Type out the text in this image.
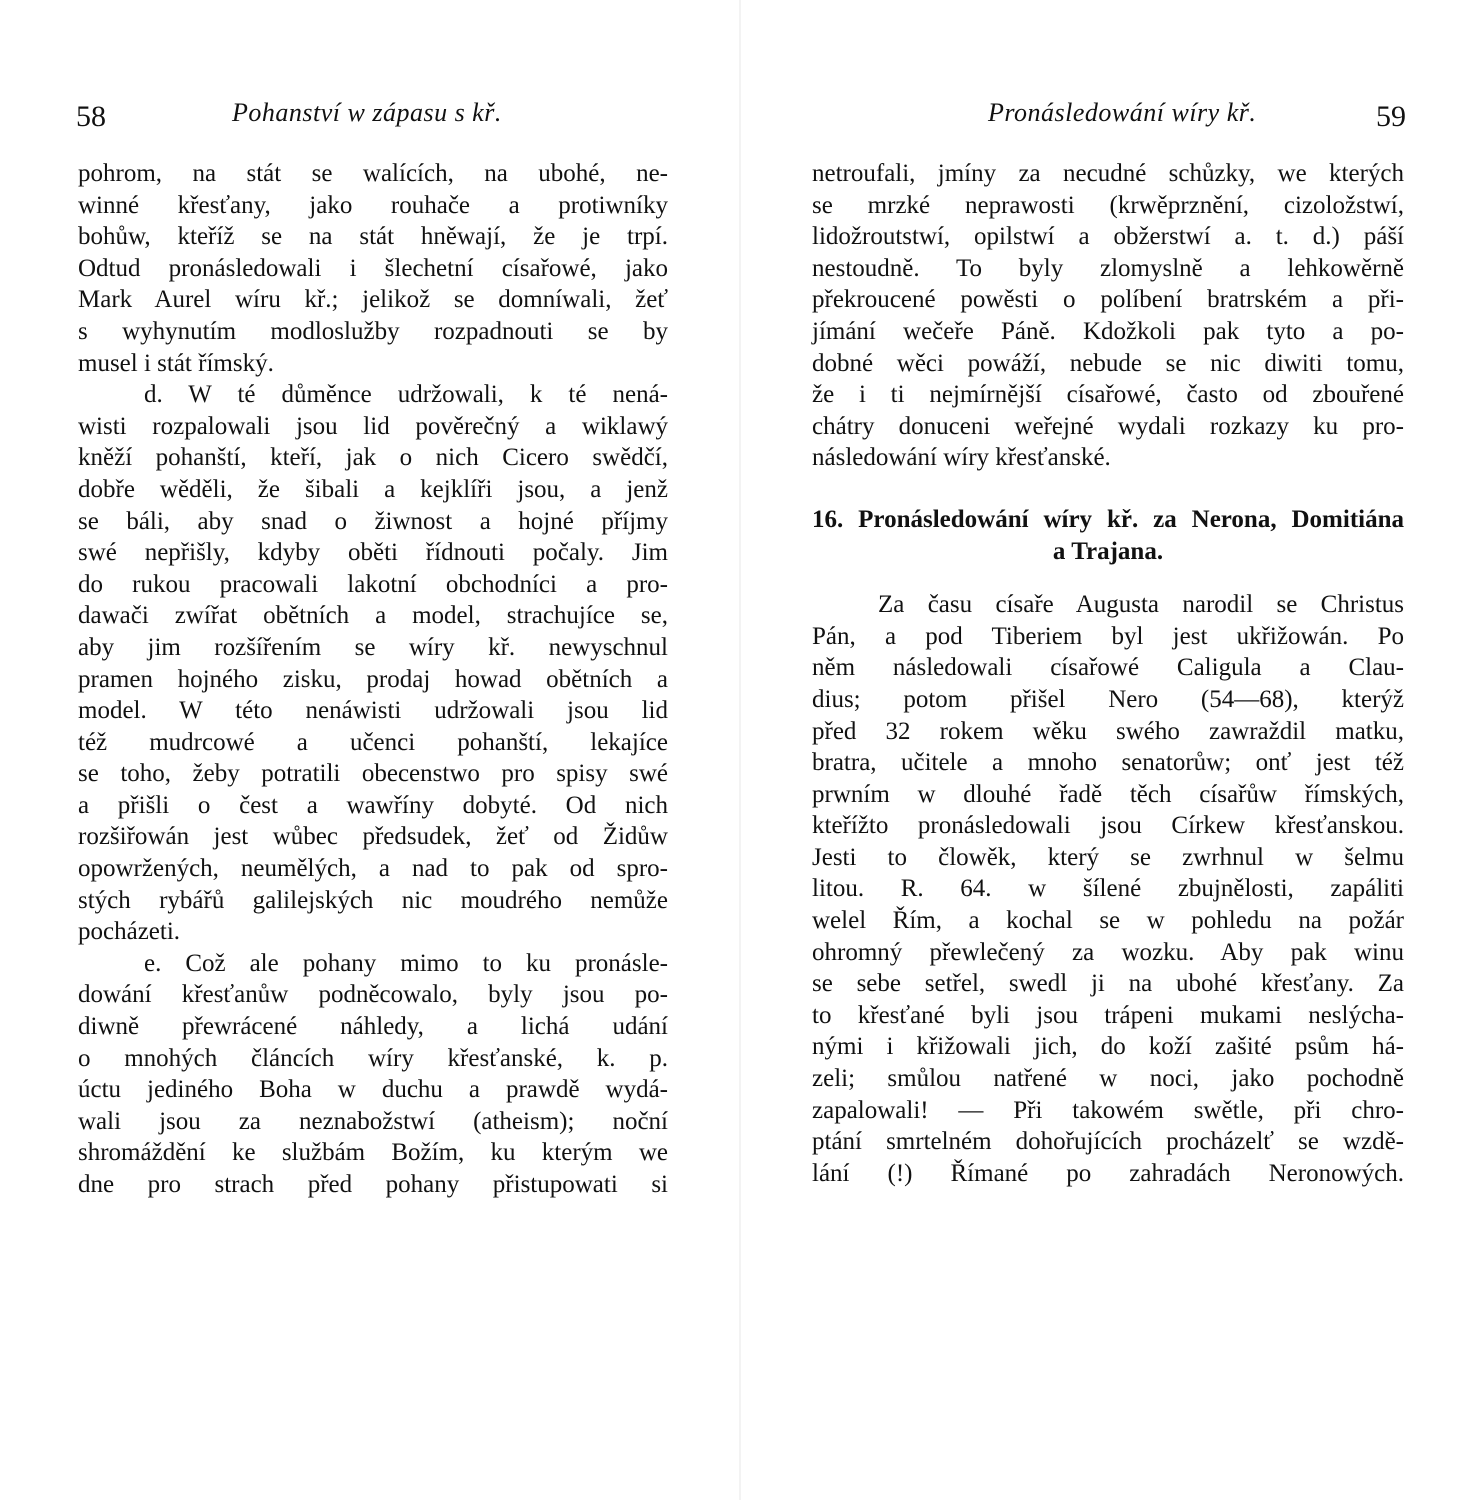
58	Pohanství w zápasu s kř.
pohrom, na stát se walících, na ubohé, ne-
winné křesťany, jako rouhače a protiwníky
bohůw, kteříž se na stát hněwají, že je trpí.
Odtud pronásledowali i šlechetní císařowé, jako
Mark Aurel wíru kř.; jelikož se domníwali, žeť
s wyhynutím modloslužby rozpadnouti se by
musel i stát římský.
d. W té důměnce udržowali, k té nená-
wisti rozpalowali jsou lid pověrečný a wiklawý
kněží pohanští, kteří, jak o nich Cicero swědčí,
dobře wěděli, že šibali a kejklíři jsou, a jenž
se báli, aby snad o žiwnost a hojné příjmy
swé nepřišly, kdyby oběti řídnouti počaly. Jim
do rukou pracowali lakotní obchodníci a pro-
dawači zwířat obětních a model, strachujíce se,
aby jim rozšířením se wíry kř. newyschnul
pramen hojného zisku, prodaj howad obětních a
model. W této nenáwisti udržowali jsou lid
též mudrcowé a učenci pohanští, lekajíce
se toho, žeby potratili obecenstwo pro spisy swé
a přišli o čest a wawříny dobyté. Od nich
rozšiřowán jest wůbec předsudek, žeť od Židůw
opowržených, neumělých, a nad to pak od spro-
stých rybářů galilejských nic moudrého nemůže
pocházeti.
e. Což ale pohany mimo to ku pronásle-
dowání křesťanůw podněcowalo, byly jsou po-
diwně přewrácené náhledy, a lichá udání
o mnohých článcích wíry křesťanské, k. p.
úctu jediného Boha w duchu a prawdě wydá-
wali jsou za neznabožstwí (atheism); noční
shromáždění ke službám Božím, ku kterým we
dne pro strach před pohany přistupowati si
Pronásledowání wíry kř.	59
netroufali, jmíny za necudné schůzky, we kterých
se mrzké neprawosti (krwěprznění, cizoložstwí,
lidožroutstwí, opilstwí a obžerstwí a. t. d.) páší
nestoudně. To byly zlomyslně a lehkowěrně
překroucené powěsti o políbení bratrském a při-
jímání wečeře Páně. Kdožkoli pak tyto a po-
dobné wěci powáží, nebude se nic diwiti tomu,
že i ti nejmírnější císařowé, často od zbouřené
chátry donuceni weřejné wydali rozkazy ku pro-
následowání wíry křesťanské.
16. Pronásledowání wíry kř. za Nerona, Domitiána
a Trajana.
Za času císaře Augusta narodil se Christus
Pán, a pod Tiberiem byl jest ukřižowán. Po
něm následowali císařowé Caligula a Clau-
dius; potom přišel Nero (54—68), kterýž
před 32 rokem wěku swého zawraždil matku,
bratra, učitele a mnoho senatorůw; onť jest též
prwním w dlouhé řadě těch císařůw římských,
kteřížto pronásledowali jsou Církew křesťanskou.
Jesti to člowěk, který se zwrhnul w šelmu
litou. R. 64. w šílené zbujnělosti, zapáliti
welel Řím, a kochal se w pohledu na požár
ohromný přewlečený za wozku. Aby pak winu
se sebe setřel, swedl ji na ubohé křesťany. Za
to křesťané byli jsou trápeni mukami neslýcha-
nými i křižowali jich, do koží zašité psům há-
zeli; smůlou natřené w noci, jako pochodně
zapalowali! — Při takowém swětle, při chro-
ptání smrtelném dohořujících procházelť se wzdě-
lání (!) Římané po zahradách Neronowých.
